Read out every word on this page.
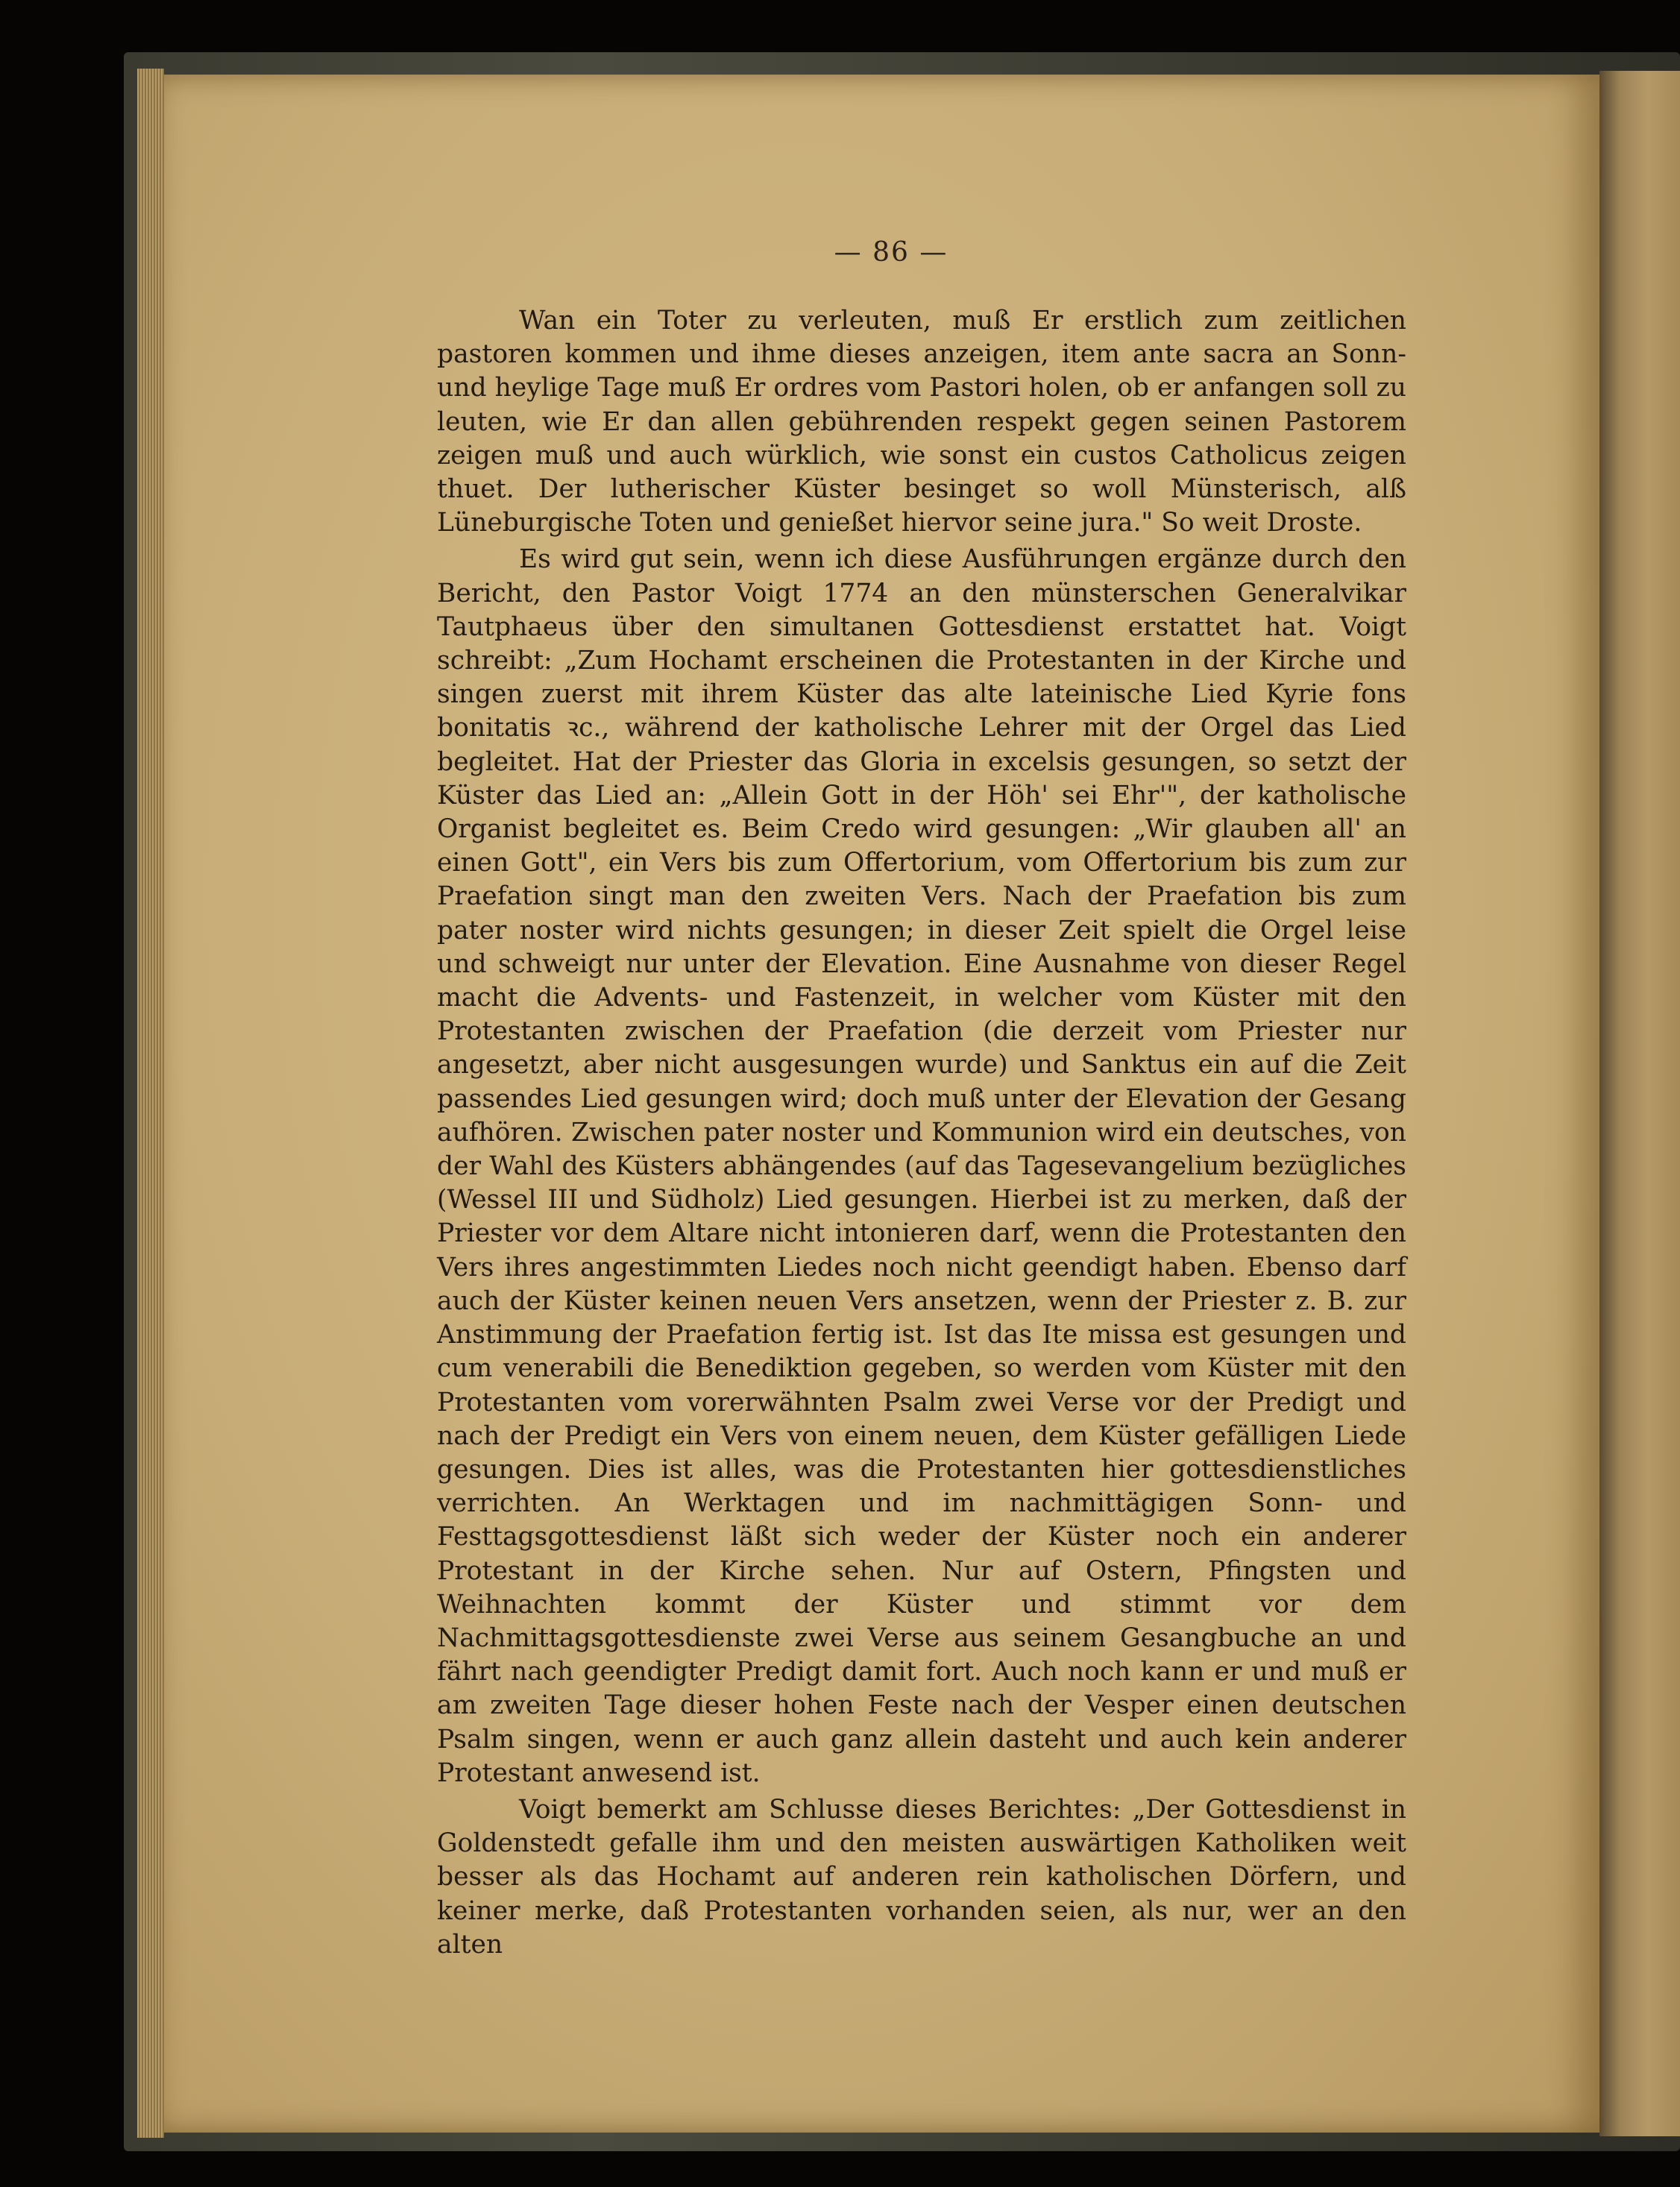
— 86 —

Wan ein Toter zu verleuten, muß Er erstlich zum zeitlichen pastoren kommen und ihme dieses anzeigen, item ante sacra an Sonn- und heylige Tage muß Er ordres vom Pastori holen, ob er anfangen soll zu leuten, wie Er dan allen gebührenden respekt gegen seinen Pastorem zeigen muß und auch würklich, wie sonst ein custos Catholicus zeigen thuet. Der lutherischer Küster besinget so woll Münsterisch, alß Lüneburgische Toten und genießet hiervor seine jura." So weit Droste.

Es wird gut sein, wenn ich diese Ausführungen ergänze durch den Bericht, den Pastor Voigt 1774 an den münsterschen Generalvikar Tautphaeus über den simultanen Gottesdienst erstattet hat. Voigt schreibt: „Zum Hochamt erscheinen die Protestanten in der Kirche und singen zuerst mit ihrem Küster das alte lateinische Lied Kyrie fons bonitatis ꝛc., während der katholische Lehrer mit der Orgel das Lied begleitet. Hat der Priester das Gloria in excelsis gesungen, so setzt der Küster das Lied an: „Allein Gott in der Höh' sei Ehr'", der katholische Organist begleitet es. Beim Credo wird gesungen: „Wir glauben all' an einen Gott", ein Vers bis zum Offertorium, vom Offertorium bis zum zur Praefation singt man den zweiten Vers. Nach der Praefation bis zum pater noster wird nichts gesungen; in dieser Zeit spielt die Orgel leise und schweigt nur unter der Elevation. Eine Ausnahme von dieser Regel macht die Advents- und Fastenzeit, in welcher vom Küster mit den Protestanten zwischen der Praefation (die derzeit vom Priester nur angesetzt, aber nicht ausgesungen wurde) und Sanktus ein auf die Zeit passendes Lied gesungen wird; doch muß unter der Elevation der Gesang aufhören. Zwischen pater noster und Kommunion wird ein deutsches, von der Wahl des Küsters abhängendes (auf das Tagesevangelium bezügliches (Wessel III und Südholz) Lied gesungen. Hierbei ist zu merken, daß der Priester vor dem Altare nicht intonieren darf, wenn die Protestanten den Vers ihres angestimmten Liedes noch nicht geendigt haben. Ebenso darf auch der Küster keinen neuen Vers ansetzen, wenn der Priester z. B. zur Anstimmung der Praefation fertig ist. Ist das Ite missa est gesungen und cum venerabili die Benediktion gegeben, so werden vom Küster mit den Protestanten vom vorerwähnten Psalm zwei Verse vor der Predigt und nach der Predigt ein Vers von einem neuen, dem Küster gefälligen Liede gesungen. Dies ist alles, was die Protestanten hier gottesdienstliches verrichten. An Werktagen und im nachmittägigen Sonn- und Festtagsgottesdienst läßt sich weder der Küster noch ein anderer Protestant in der Kirche sehen. Nur auf Ostern, Pfingsten und Weihnachten kommt der Küster und stimmt vor dem Nachmittagsgottesdienste zwei Verse aus seinem Gesangbuche an und fährt nach geendigter Predigt damit fort. Auch noch kann er und muß er am zweiten Tage dieser hohen Feste nach der Vesper einen deutschen Psalm singen, wenn er auch ganz allein dasteht und auch kein anderer Protestant anwesend ist.

Voigt bemerkt am Schlusse dieses Berichtes: „Der Gottesdienst in Goldenstedt gefalle ihm und den meisten auswärtigen Katholiken weit besser als das Hochamt auf anderen rein katholischen Dörfern, und keiner merke, daß Protestanten vorhanden seien, als nur, wer an den alten
